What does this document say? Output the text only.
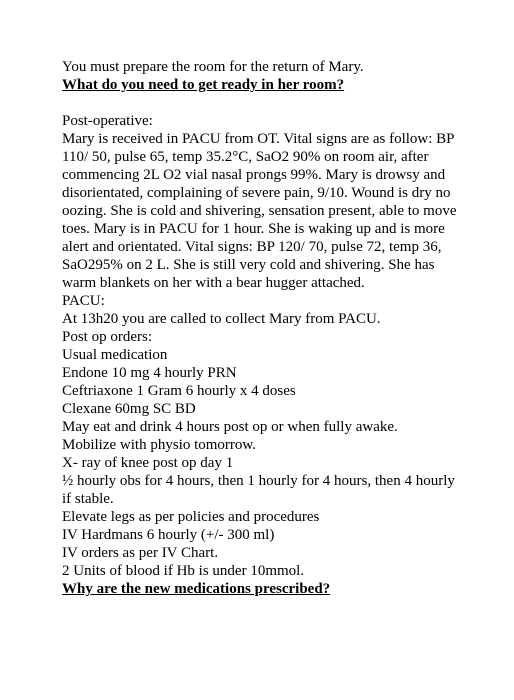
You must prepare the room for the return of Mary.

What do you need to get ready in her room?

Post-operative:

Mary is received in PACU from OT. Vital signs are as follow: BP 110/ 50, pulse 65, temp 35.2°C, SaO2 90% on room air, after commencing 2L O2 vial nasal prongs 99%. Mary is drowsy and disorientated, complaining of severe pain, 9/10. Wound is dry no oozing. She is cold and shivering, sensation present, able to move toes. Mary is in PACU for 1 hour. She is waking up and is more alert and orientated. Vital signs: BP 120/ 70, pulse 72, temp 36, SaO295% on 2 L. She is still very cold and shivering. She has warm blankets on her with a bear hugger attached.

PACU:

At 13h20 you are called to collect Mary from PACU.

Post op orders:

Usual medication

Endone 10 mg 4 hourly PRN

Ceftriaxone 1 Gram 6 hourly x 4 doses

Clexane 60mg SC BD

May eat and drink 4 hours post op or when fully awake.

Mobilize with physio tomorrow.

X- ray of knee post op day 1

½ hourly obs for 4 hours, then 1 hourly for 4 hours, then 4 hourly if stable.

Elevate legs as per policies and procedures

IV Hardmans 6 hourly (+/- 300 ml)

IV orders as per IV Chart.

2 Units of blood if Hb is under 10mmol.

Why are the new medications prescribed?
